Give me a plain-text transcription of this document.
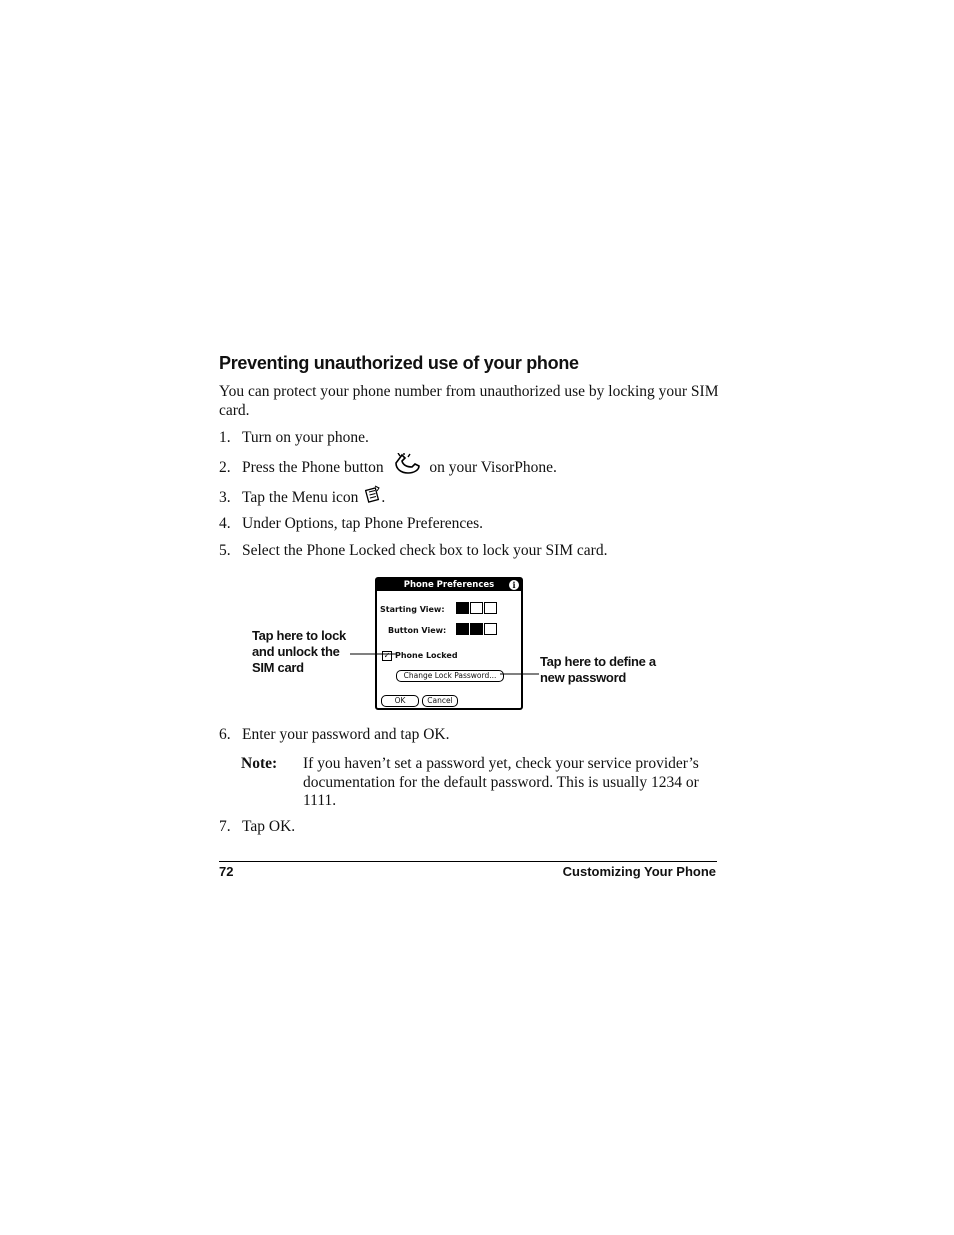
Preventing unauthorized use of your phone
You can protect your phone number from unauthorized use by locking your SIM card.
1. Turn on your phone.
2. Press the Phone button	on your VisorPhone.
3. Tap the Menu icon .
4. Under Options, tap Phone Preferences.
5. Select the Phone Locked check box to lock your SIM card.
Phone Preferences	i
Starting View:
Button View:
✓ Phone Locked
Change Lock Password...
OK	Cancel
Tap here to lock
and unlock the
SIM card	Tap here to define a
new password
6. Enter your password and tap OK.
Note: If you haven’t set a password yet, check your service provider’s documentation for the default password. This is usually 1234 or 1111.
7. Tap OK.
72	Customizing Your Phone
